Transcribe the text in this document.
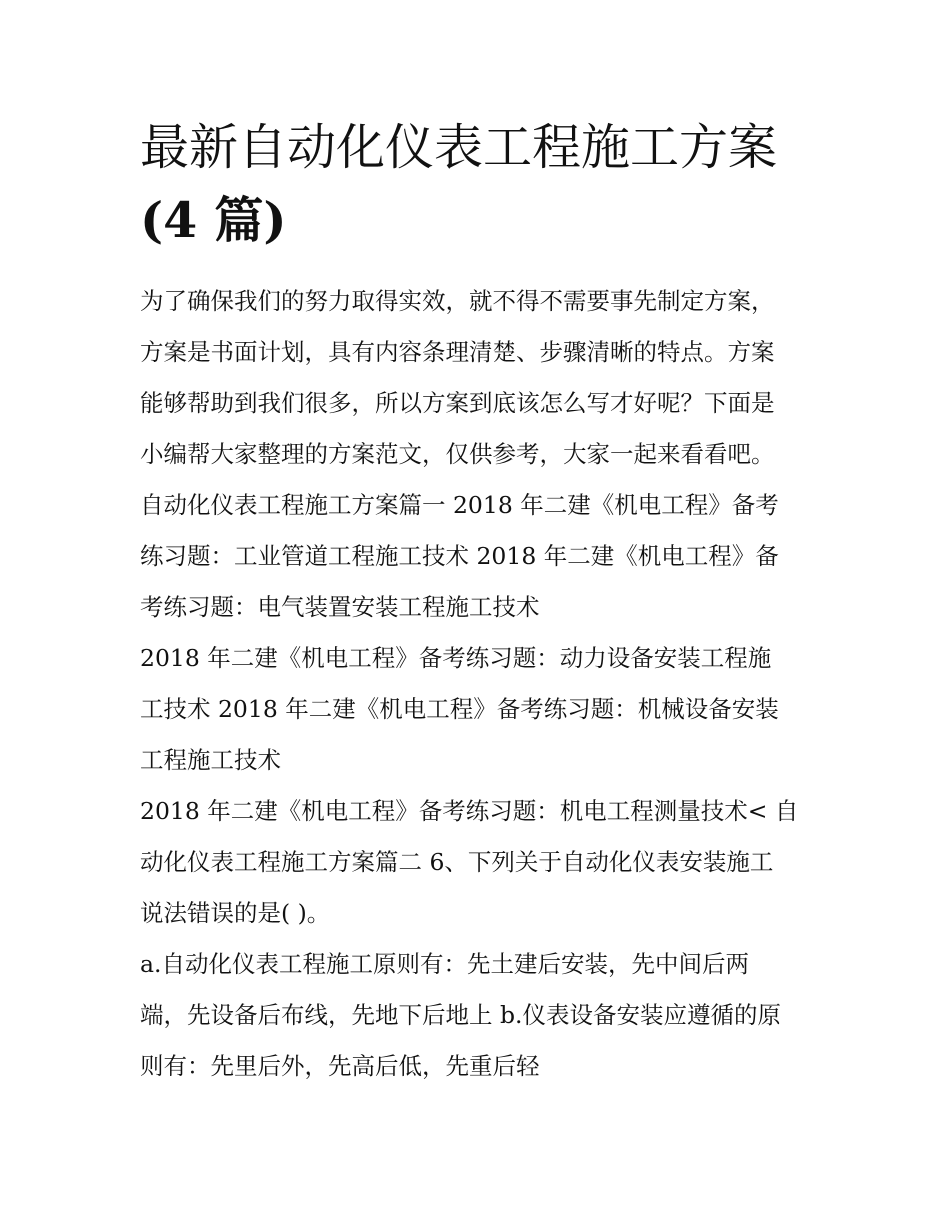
最新自动化仪表工程施工方案
(4 篇)
为了确保我们的努力取得实效，就不得不需要事先制定方案，
方案是书面计划，具有内容条理清楚、步骤清晰的特点。方案
能够帮助到我们很多，所以方案到底该怎么写才好呢？下面是
小编帮大家整理的方案范文，仅供参考，大家一起来看看吧。
自动化仪表工程施工方案篇一 2018 年二建《机电工程》备考
练习题：工业管道工程施工技术 2018 年二建《机电工程》备
考练习题：电气装置安装工程施工技术
2018 年二建《机电工程》备考练习题：动力设备安装工程施
工技术 2018 年二建《机电工程》备考练习题：机械设备安装
工程施工技术
2018 年二建《机电工程》备考练习题：机电工程测量技术< 自
动化仪表工程施工方案篇二 6、下列关于自动化仪表安装施工
说法错误的是( )。
a.自动化仪表工程施工原则有：先土建后安装，先中间后两
端，先设备后布线，先地下后地上 b.仪表设备安装应遵循的原
则有：先里后外，先高后低，先重后轻
